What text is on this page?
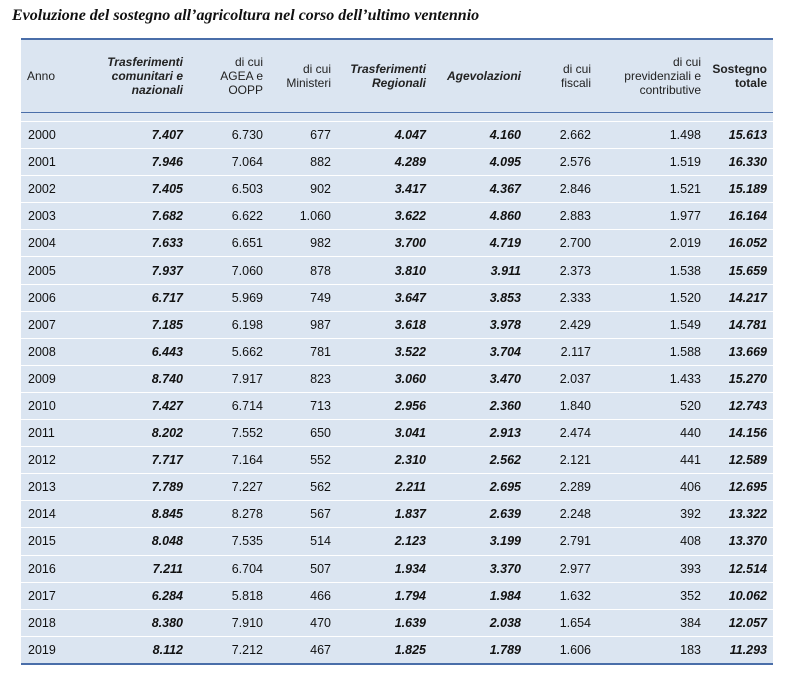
Evoluzione del sostegno all’agricoltura nel corso dell’ultimo ventennio
Anno	Trasferimenti
comunitari e
nazionali	di cui
AGEA e
OOPP	di cui
Ministeri	Trasferimenti
Regionali	Agevolazioni	di cui
fiscali	di cui
previdenziali e
contributive	Sostegno
totale

2000	7.407	6.730	677	4.047	4.160	2.662	1.498	15.613
2001	7.946	7.064	882	4.289	4.095	2.576	1.519	16.330
2002	7.405	6.503	902	3.417	4.367	2.846	1.521	15.189
2003	7.682	6.622	1.060	3.622	4.860	2.883	1.977	16.164
2004	7.633	6.651	982	3.700	4.719	2.700	2.019	16.052
2005	7.937	7.060	878	3.810	3.911	2.373	1.538	15.659
2006	6.717	5.969	749	3.647	3.853	2.333	1.520	14.217
2007	7.185	6.198	987	3.618	3.978	2.429	1.549	14.781
2008	6.443	5.662	781	3.522	3.704	2.117	1.588	13.669
2009	8.740	7.917	823	3.060	3.470	2.037	1.433	15.270
2010	7.427	6.714	713	2.956	2.360	1.840	520	12.743
2011	8.202	7.552	650	3.041	2.913	2.474	440	14.156
2012	7.717	7.164	552	2.310	2.562	2.121	441	12.589
2013	7.789	7.227	562	2.211	2.695	2.289	406	12.695
2014	8.845	8.278	567	1.837	2.639	2.248	392	13.322
2015	8.048	7.535	514	2.123	3.199	2.791	408	13.370
2016	7.211	6.704	507	1.934	3.370	2.977	393	12.514
2017	6.284	5.818	466	1.794	1.984	1.632	352	10.062
2018	8.380	7.910	470	1.639	2.038	1.654	384	12.057
2019	8.112	7.212	467	1.825	1.789	1.606	183	11.293
